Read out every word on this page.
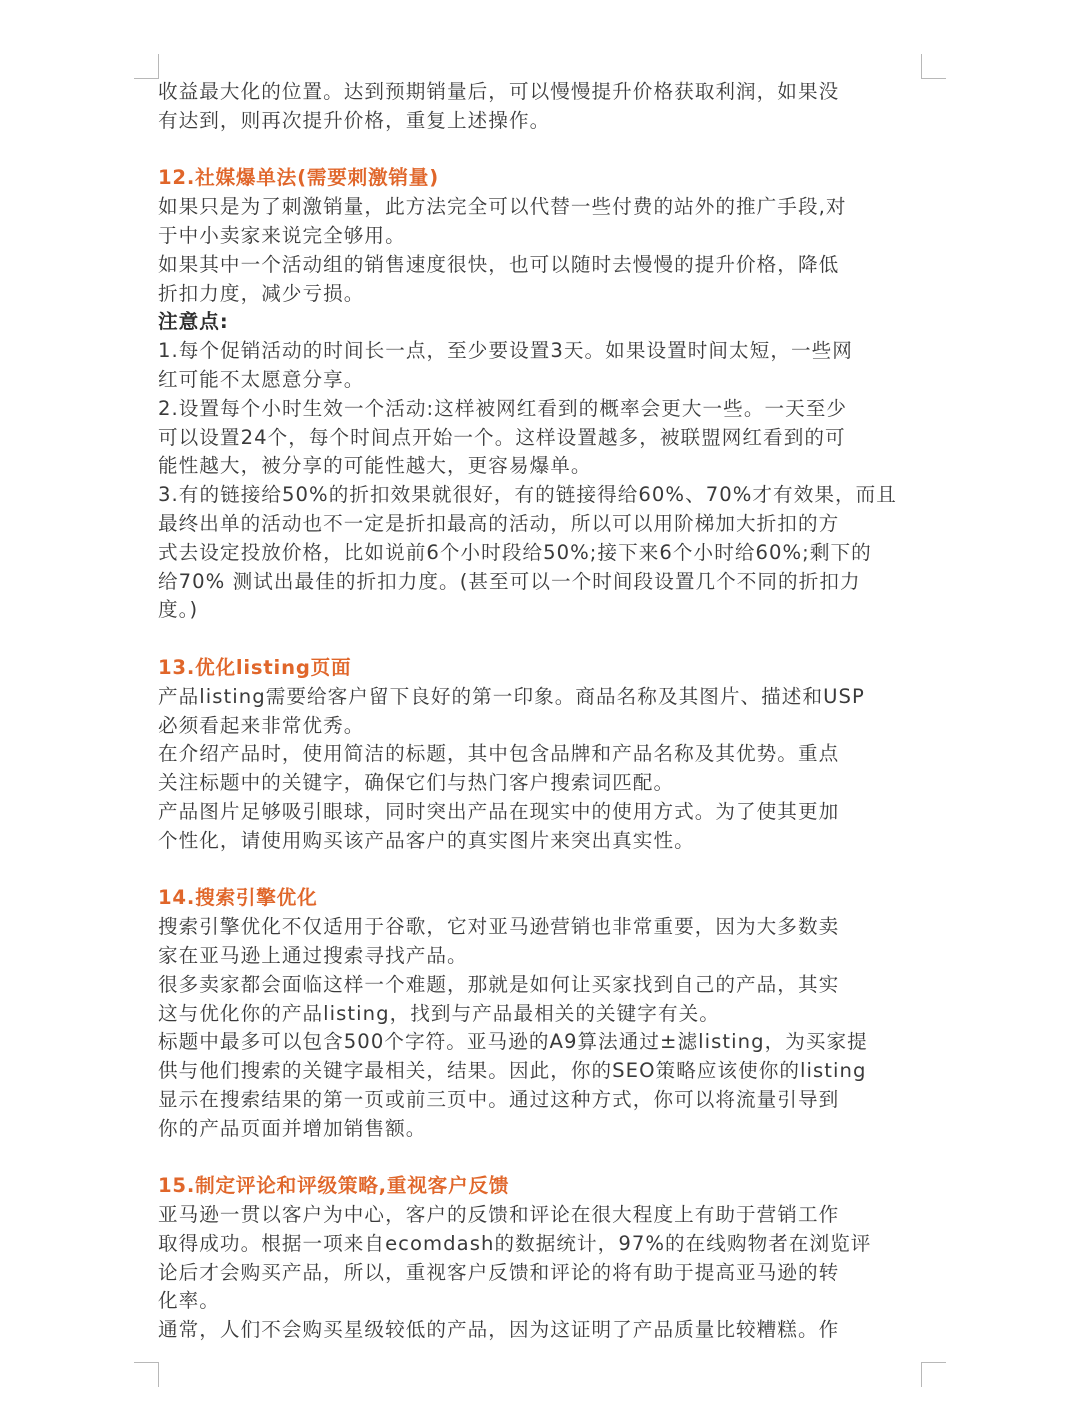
收益最大化的位置。达到预期销量后，可以慢慢提升价格获取利润，如果没
有达到，则再次提升价格，重复上述操作。
12.社媒爆单法(需要刺激销量)
如果只是为了刺激销量，此方法完全可以代替一些付费的站外的推广手段,对
于中小卖家来说完全够用。
如果其中一个活动组的销售速度很快，也可以随时去慢慢的提升价格，降低
折扣力度，减少亏损。
注意点:
1.每个促销活动的时间长一点，至少要设置3天。如果设置时间太短，一些网
红可能不太愿意分享。
2.设置每个小时生效一个活动:这样被网红看到的概率会更大一些。一天至少
可以设置24个，每个时间点开始一个。这样设置越多，被联盟网红看到的可
能性越大，被分享的可能性越大，更容易爆单。
3.有的链接给50%的折扣效果就很好，有的链接得给60%、70%才有效果，而且
最终出单的活动也不一定是折扣最高的活动，所以可以用阶梯加大折扣的方
式去设定投放价格，比如说前6个小时段给50%;接下来6个小时给60%;剩下的
给70% 测试出最佳的折扣力度。(甚至可以一个时间段设置几个不同的折扣力
度。)
13.优化listing页面
产品listing需要给客户留下良好的第一印象。商品名称及其图片、描述和USP
必须看起来非常优秀。
在介绍产品时，使用简洁的标题，其中包含品牌和产品名称及其优势。重点
关注标题中的关键字，确保它们与热门客户搜索词匹配。
产品图片足够吸引眼球，同时突出产品在现实中的使用方式。为了使其更加
个性化，请使用购买该产品客户的真实图片来突出真实性。
14.搜索引擎优化
搜索引擎优化不仅适用于谷歌，它对亚马逊营销也非常重要，因为大多数卖
家在亚马逊上通过搜索寻找产品。
很多卖家都会面临这样一个难题，那就是如何让买家找到自己的产品，其实
这与优化你的产品listing，找到与产品最相关的关键字有关。
标题中最多可以包含500个字符。亚马逊的A9算法通过±滤listing，为买家提
供与他们搜索的关键字最相关，结果。因此，你的SEO策略应该使你的listing
显示在搜索结果的第一页或前三页中。通过这种方式，你可以将流量引导到
你的产品页面并增加销售额。
15.制定评论和评级策略,重视客户反馈
亚马逊一贯以客户为中心，客户的反馈和评论在很大程度上有助于营销工作
取得成功。根据一项来自ecomdash的数据统计，97%的在线购物者在浏览评
论后才会购买产品，所以，重视客户反馈和评论的将有助于提高亚马逊的转
化率。
通常，人们不会购买星级较低的产品，因为这证明了产品质量比较糟糕。作
